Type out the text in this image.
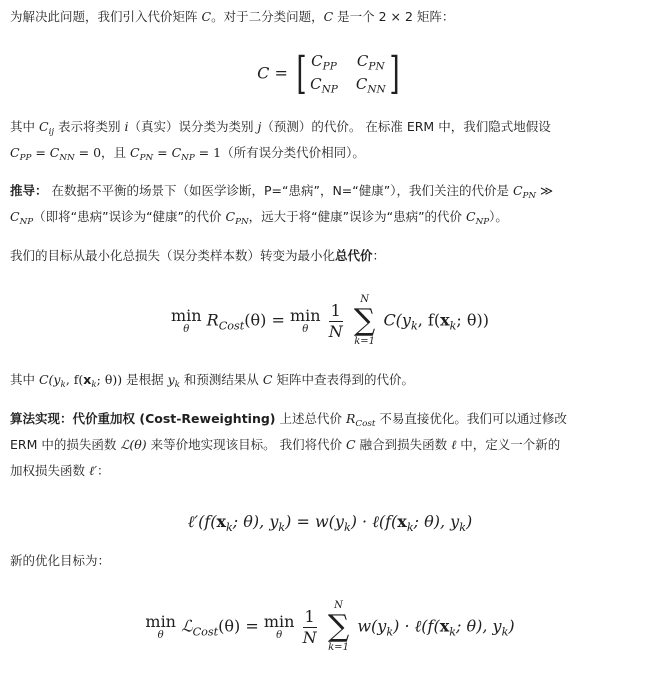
为解决此问题，我们引入代价矩阵 C。对于二分类问题，C 是一个 2 × 2 矩阵：
C = [ $C_{PP}$ $C_{PN}$
$C_{NP}$ $C_{NN}$ ]
其中 $C_{ij}$ 表示将类别 i（真实）误分类为类别 j（预测）的代价。 在标准 ERM 中，我们隐式地假设
$C_{PP} = C_{NN} = 0$，且 $C_{PN} = C_{NP} = 1$（所有误分类代价相同）。
推导： 在数据不平衡的场景下（如医学诊断，P=“患病”，N=“健康”），我们关注的代价是 $C_{PN}$ ≫
$C_{NP}$（即将“患病”误诊为“健康”的代价 $C_{PN}$，远大于将“健康”误诊为“患病”的代价 $C_{NP}$）。
我们的目标从最小化总损失（误分类样本数）转变为最小化总代价：
min
θ	$R_{Cost}(\theta) = \min$
θ
	$\frac{1}{N}$

N
∑
k=1
$C(y_k$, $f(x_k$; θ))
其中 $C(y_k$, $f(x_k$; θ)) 是根据 $y_k$ 和预测结果从 C 矩阵中查表得到的代价。
算法实现：代价重加权 (Cost-Reweighting) 上述总代价 $R_{Cost}$ 不易直接优化。我们可以通过修改
ERM 中的损失函数 ℒ(θ) 来等价地实现该目标。 我们将代价 C 融合到损失函数 ℓ 中，定义一个新的
加权损失函数 ℓ′：
$\ell'(f(x_k$; θ), $y_k) = w(y_k)$ · $\ell(f(x_k$; θ), $y_k$)
新的优化目标为：
min
θ	ℒ$_{Cost}$(θ) = min
θ
	$\frac{1}{N}$

N
∑
k=1
$w(y_k)$ · $\ell(f(x_k$; θ), $y_k$)
